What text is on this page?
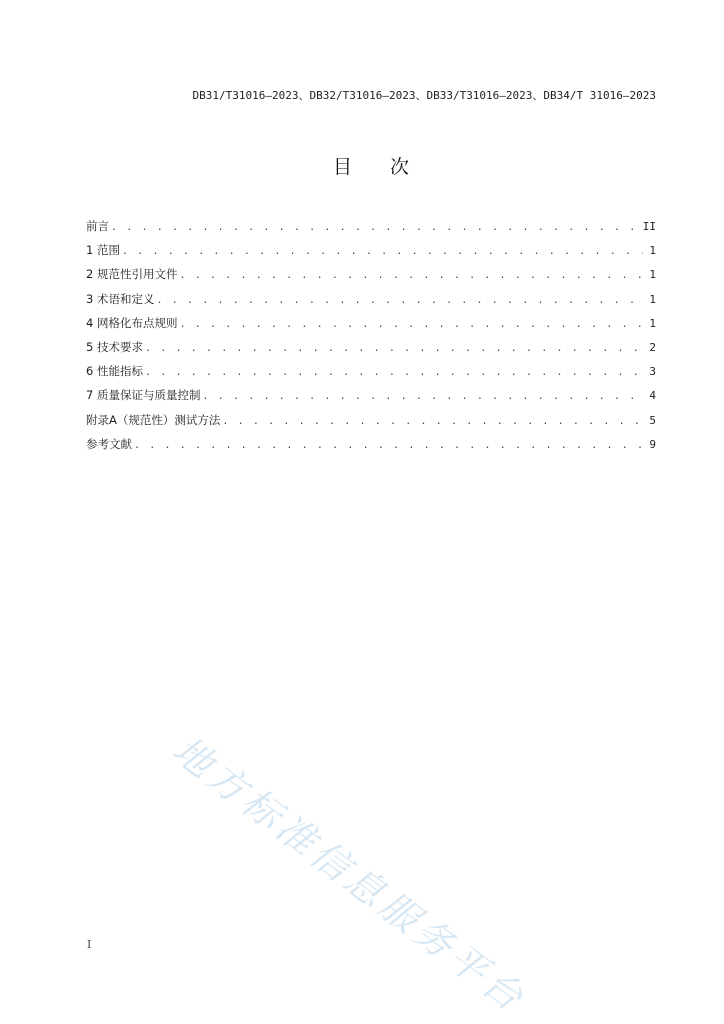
DB31/T31016—2023、DB32/T31016—2023、DB33/T31016—2023、DB34/T 31016—2023
目 次
前言 . . .	II
1 范围 . . .	1
2 规范性引用文件 . . .	1
3 术语和定义 . . .	1
4 网格化布点规则 . . .	1
5 技术要求 . . .	2
6 性能指标 . . .	3
7 质量保证与质量控制 . . .	4
附录A（规范性）测试方法 . . .	5
参考文献 . . .	9
地方标准信息服务平台
I
